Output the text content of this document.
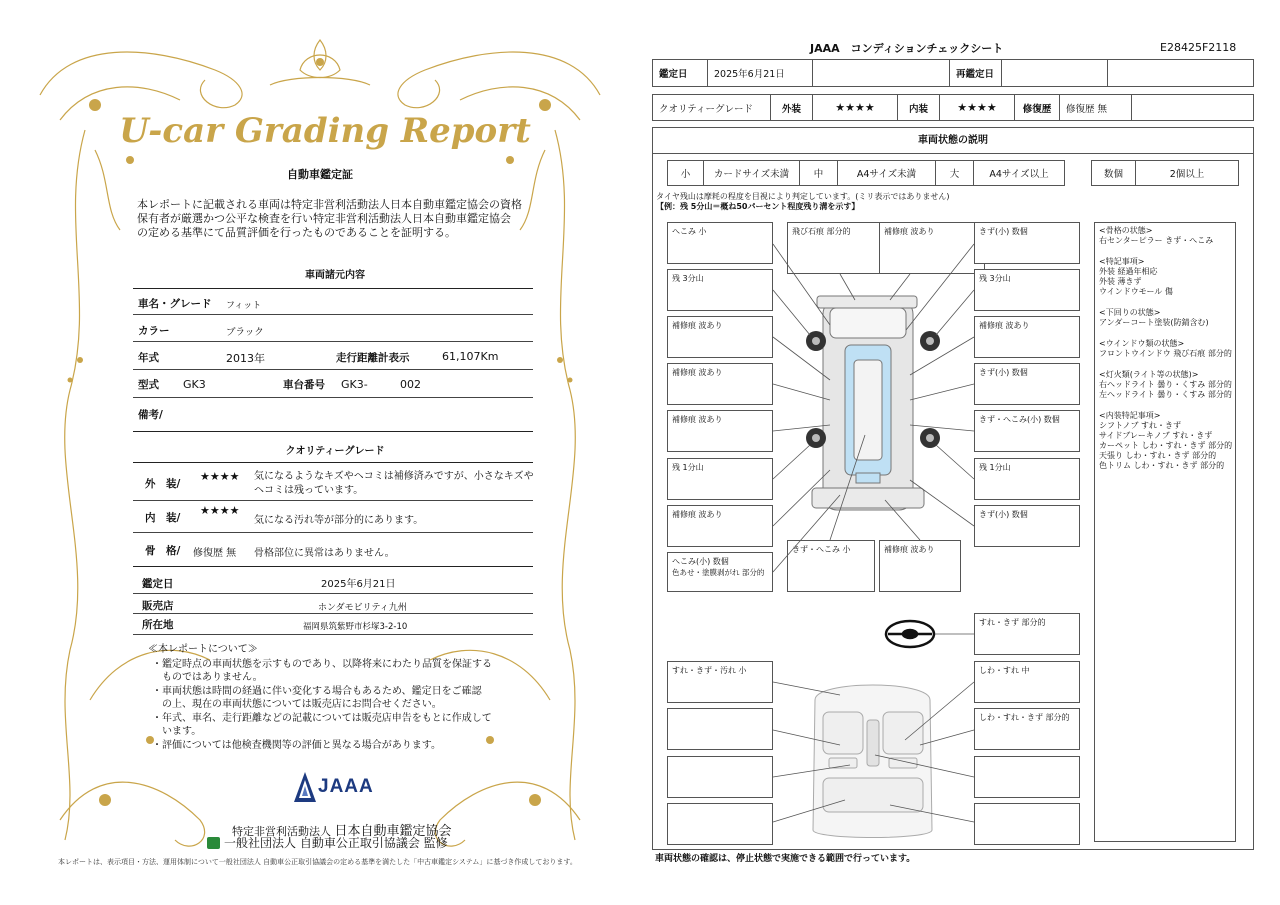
U-car Grading Report
自動車鑑定証
本レポートに記載される車両は特定非営利活動法人日本自動車鑑定協会の資格
保有者が厳選かつ公平な検査を行い特定非営利活動法人日本自動車鑑定協会
の定める基準にて品質評価を行ったものであることを証明する。
車両諸元内容
車名・グレード フィット
カラー	ブラック
年式	2013年	走行距離計表示	61,107Km
型式 GK3	車台番号 GK3-	002
備考/
クオリティーグレード
外　装/
★★★★ 気になるようなキズやヘコミは補修済みですが、小さなキズや
ヘコミは残っています。
内　装/
★★★★
気になる汚れ等が部分的にあります。
骨　格/ 修復歴 無 骨格部位に異常はありません。
鑑定日	2025年6月21日
販売店	ホンダモビリティ九州
所在地	福岡県筑紫野市杉塚3-2-10
≪本レポートについて≫
・鑑定時点の車両状態を示すものであり、以降将来にわたり品質を保証する
　ものではありません。
・車両状態は時間の経過に伴い変化する場合もあるため、鑑定日をご確認
　の上、現在の車両状態については販売店にお問合せください。
・年式、車名、走行距離などの記載については販売店申告をもとに作成して
　います。
・評価については他検査機関等の評価と異なる場合があります。
JAAA
特定非営利活動法人 日本自動車鑑定協会
一般社団法人 自動車公正取引協議会 監修
本レポートは、表示項目・方法、運用体制について一般社団法人 自動車公正取引協議会の定める基準を満たした「中古車鑑定システム」に基づき作成しております。
JAAA　コンディションチェックシート	E28425F2118
鑑定日	2025年6月21日	再鑑定日
クオリティーグレード	外装	★★★★	内装	★★★★	修復歴	修復歴 無
車両状態の説明
小	カードサイズ未満	中	A4サイズ未満	大	A4サイズ以上	数個	2個以上
タイヤ残山は摩耗の程度を目視により判定しています。(ミリ表示ではありません)
【例：残 5分山＝概ね50パーセント程度残り溝を示す】
へこみ 小	飛び石痕 部分的	補修痕 波あり	きず(小) 数個
残 3分山	残 3分山
補修痕 波あり	補修痕 波あり
補修痕 波あり	きず(小) 数個
補修痕 波あり	きず・へこみ(小) 数個
残 1分山	残 1分山
補修痕 波あり	きず(小) 数個
へこみ(小) 数個
色あせ・塗膜剥がれ 部分的
きず・へこみ 小	補修痕 波あり
すれ・きず 部分的
すれ・きず・汚れ 小	しわ・すれ 中
しわ・すれ・きず 部分的
<骨格の状態>
右センターピラー きず・へこみ
<特記事項>
外装 経過年相応
外装 薄きず
ウインドウモール 傷
<下回りの状態>
アンダーコート塗装(防錆含む)
<ウインドウ類の状態>
フロントウインドウ 飛び石痕 部分的
<灯火類(ライト等の状態)>
右ヘッドライト 曇り・くすみ 部分的
左ヘッドライト 曇り・くすみ 部分的
<内装特記事項>
シフトノブ すれ・きず
サイドブレーキノブ すれ・きず
カーペット しわ・すれ・きず 部分的
天張り しわ・すれ・きず 部分的
色トリム しわ・すれ・きず 部分的
車両状態の確認は、停止状態で実施できる範囲で行っています。
